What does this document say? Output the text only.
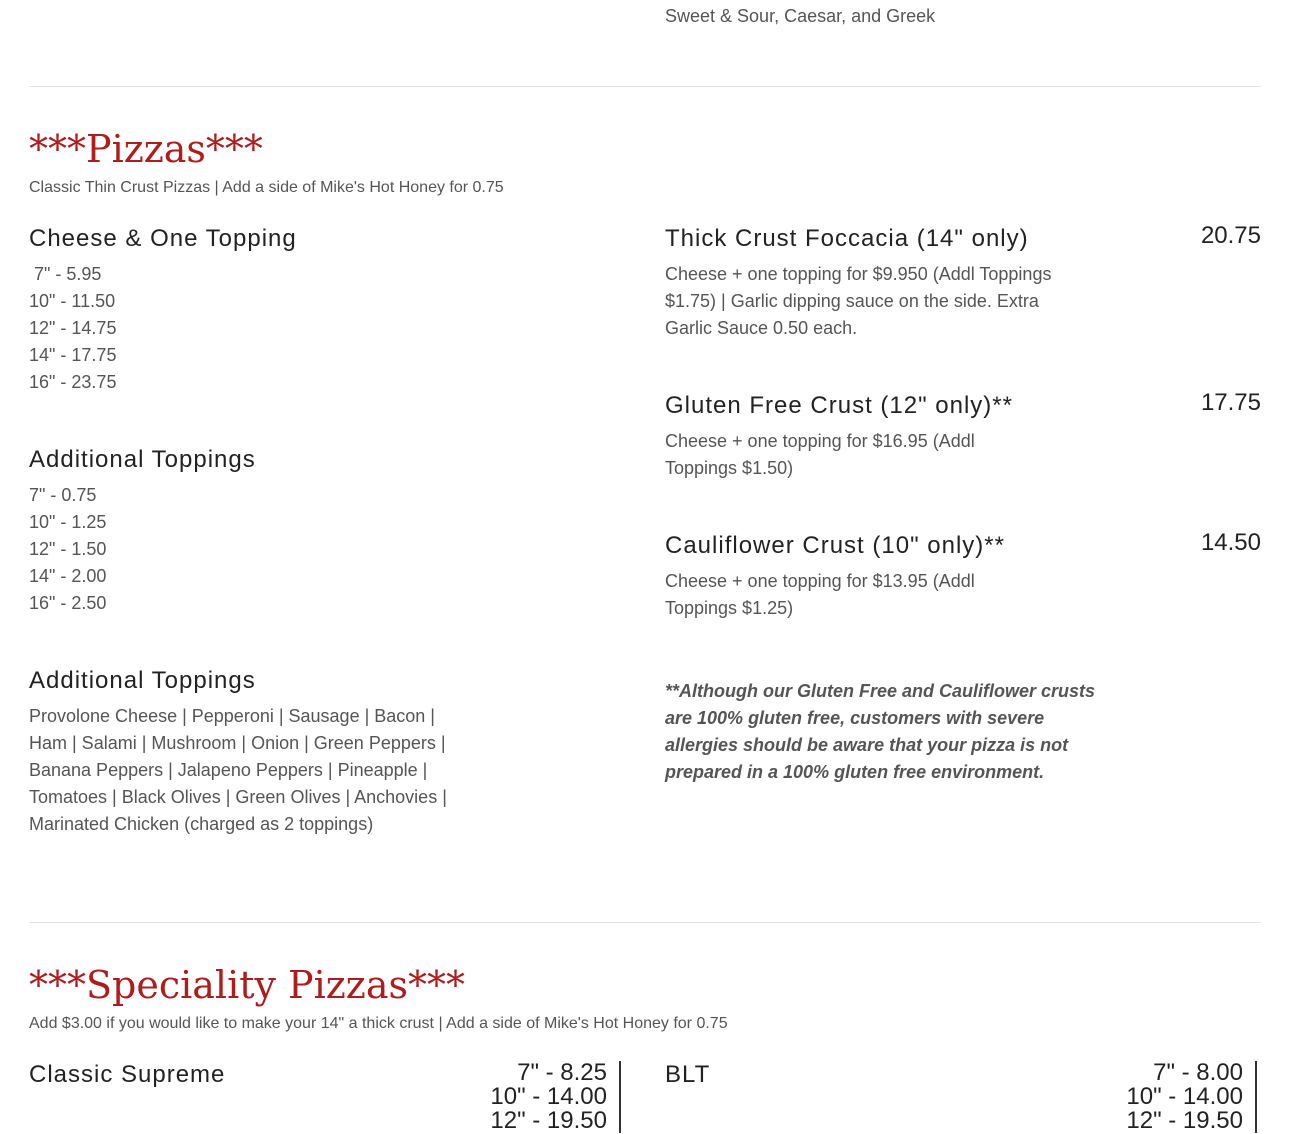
Sweet & Sour, Caesar, and Greek
***Pizzas***
Classic Thin Crust Pizzas | Add a side of Mike's Hot Honey for 0.75
Cheese & One Topping
7" - 5.95
10" - 11.50
12" - 14.75
14" - 17.75
16" - 23.75
Additional Toppings
7" - 0.75
10" - 1.25
12" - 1.50
14" - 2.00
16" - 2.50
Additional Toppings
Provolone Cheese | Pepperoni | Sausage | Bacon | Ham | Salami | Mushroom | Onion | Green Peppers | Banana Peppers | Jalapeno Peppers | Pineapple | Tomatoes | Black Olives | Green Olives | Anchovies | Marinated Chicken (charged as 2 toppings)
Thick Crust Foccacia (14" only)	20.75
Cheese + one topping for $9.950 (Addl Toppings $1.75) | Garlic dipping sauce on the side. Extra Garlic Sauce 0.50 each.
Gluten Free Crust (12" only)**	17.75
Cheese + one topping for $16.95 (Addl Toppings $1.50)
Cauliflower Crust (10" only)**	14.50
Cheese + one topping for $13.95 (Addl Toppings $1.25)
**Although our Gluten Free and Cauliflower crusts are 100% gluten free, customers with severe allergies should be aware that your pizza is not prepared in a 100% gluten free environment.
***Speciality Pizzas***
Add $3.00 if you would like to make your 14" a thick crust | Add a side of Mike's Hot Honey for 0.75
Classic Supreme	7" - 8.25
10" - 14.00
12" - 19.50
BLT	7" - 8.00
10" - 14.00
12" - 19.50
